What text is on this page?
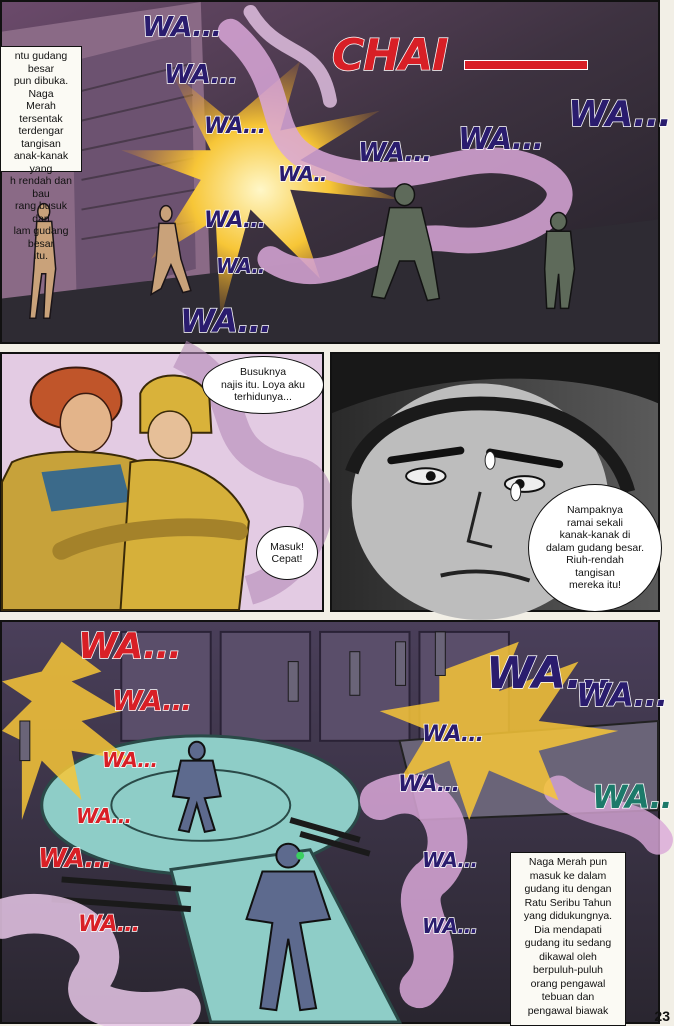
ntu gudang besar
pun dibuka. Naga
Merah tersentak
terdengar tangisan
anak-kanak yang
h rendah dan bau
rang busuk dari
lam gudang besar
itu.
CHAI
WA...
WA...
WA...
WA..
WA... WA...
WA...
WA...
WA..
WA...
Busuknya
najis itu. Loya aku
terhidunya...
Masuk!
Cepat!
Nampaknya
ramai sekali
kanak-kanak di
dalam gudang besar.
Riuh-rendah
tangisan
mereka itu!
WA...
WA...
WA...
WA...
WA...
WA...
WA...
WA...
WA...
WA...
WA...
WA...
WA..
Naga Merah pun
masuk ke dalam
gudang itu dengan
Ratu Seribu Tahun
yang didukungnya.
Dia mendapati
gudang itu sedang
dikawal oleh
berpuluh-puluh
orang pengawal
tebuan dan
pengawal biawak	23
